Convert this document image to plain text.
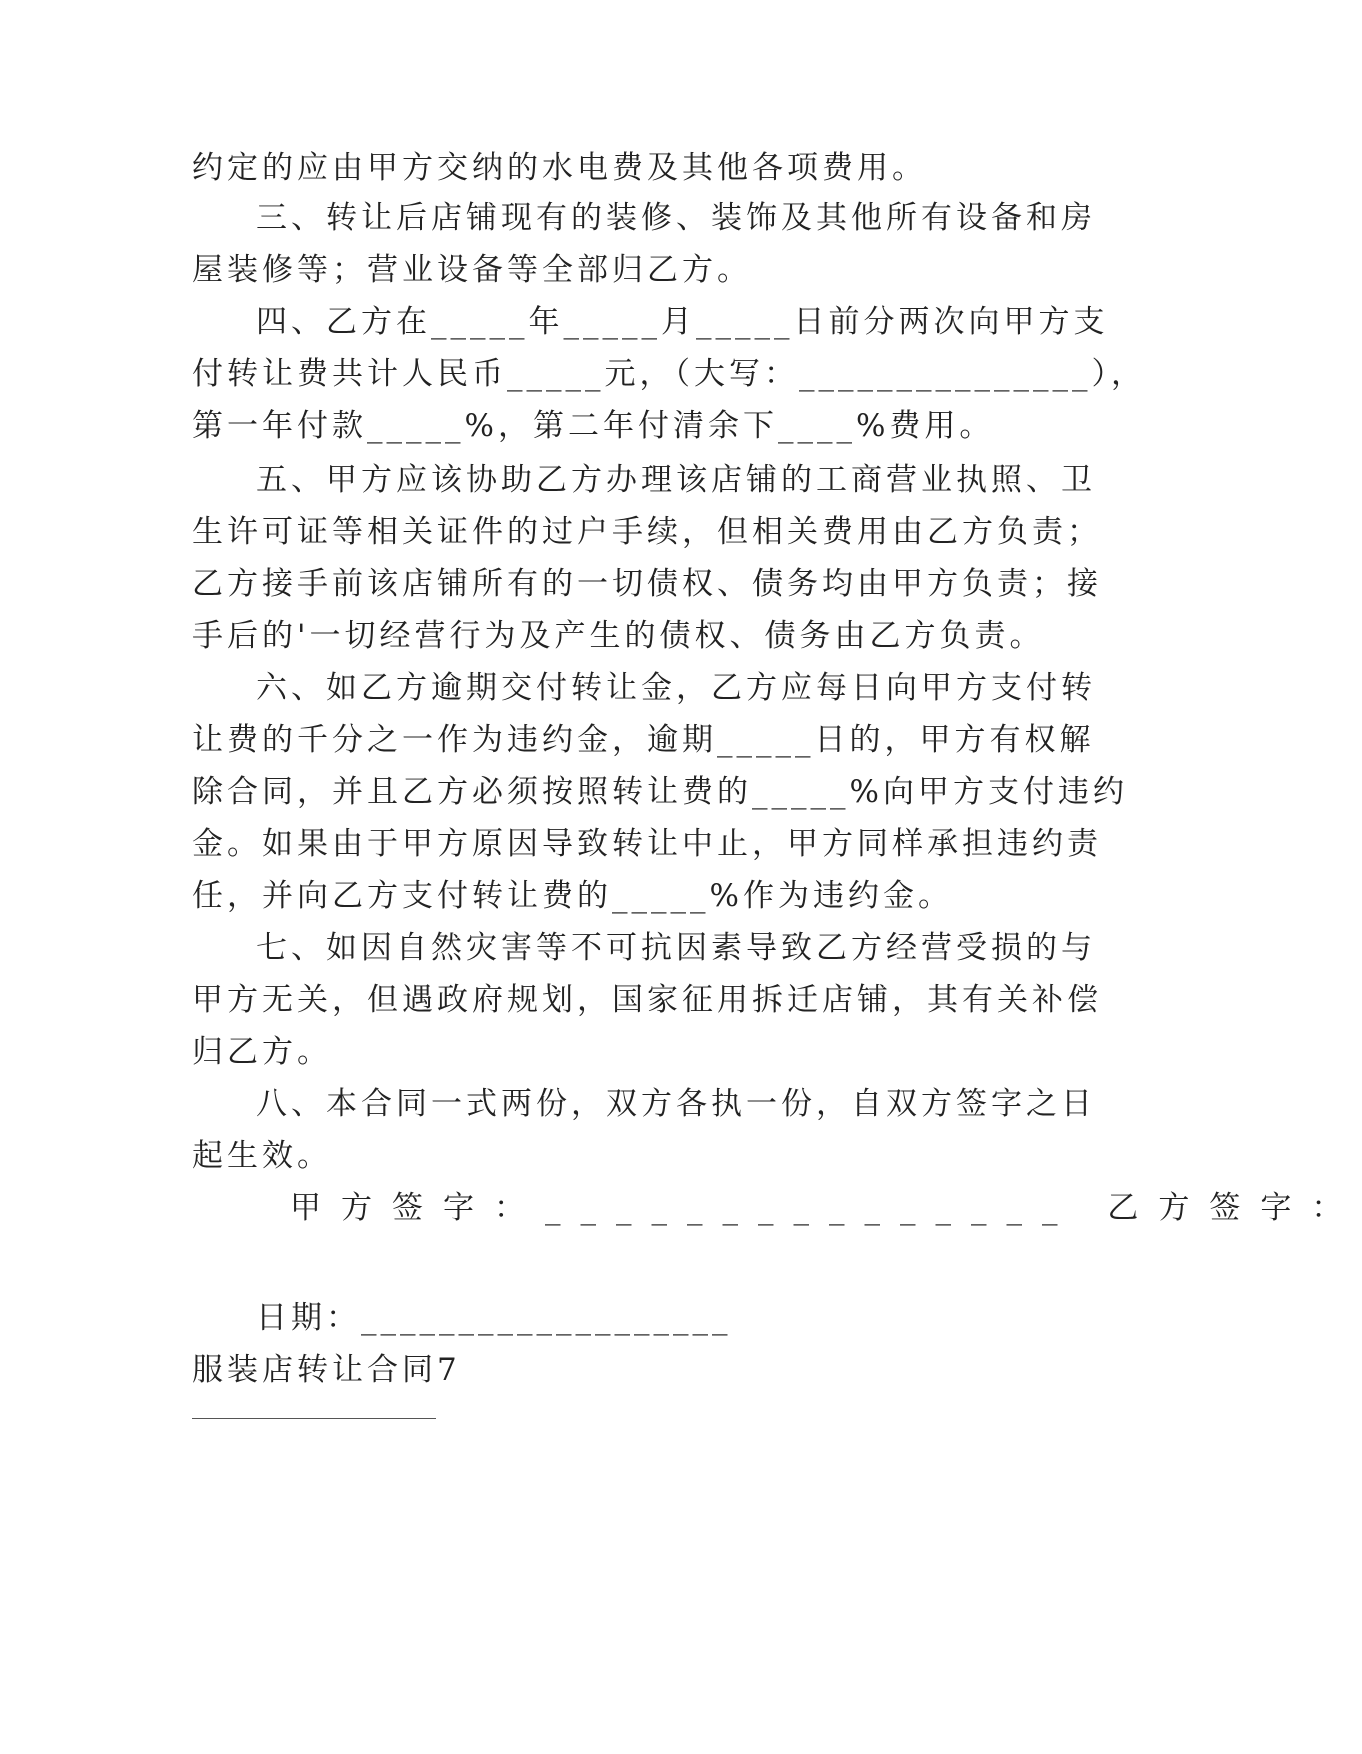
约定的应由甲方交纳的水电费及其他各项费用。
三、转让后店铺现有的装修、装饰及其他所有设备和房
屋装修等；营业设备等全部归乙方。
四、乙方在_____年_____月_____日前分两次向甲方支
付转让费共计人民币_____元，（大写：_______________），
第一年付款_____%，第二年付清余下____%费用。
五、甲方应该协助乙方办理该店铺的工商营业执照、卫
生许可证等相关证件的过户手续，但相关费用由乙方负责；
乙方接手前该店铺所有的一切债权、债务均由甲方负责；接
手后的'一切经营行为及产生的债权、债务由乙方负责。
六、如乙方逾期交付转让金，乙方应每日向甲方支付转
让费的千分之一作为违约金，逾期_____日的，甲方有权解
除合同，并且乙方必须按照转让费的_____%向甲方支付违约
金。如果由于甲方原因导致转让中止，甲方同样承担违约责
任，并向乙方支付转让费的_____%作为违约金。
七、如因自然灾害等不可抗因素导致乙方经营受损的与
甲方无关，但遇政府规划，国家征用拆迁店铺，其有关补偿
归乙方。
八、本合同一式两份，双方各执一份，自双方签字之日
起生效。
甲方签字：_______________ 乙方签字：
日期：___________________
服装店转让合同7
